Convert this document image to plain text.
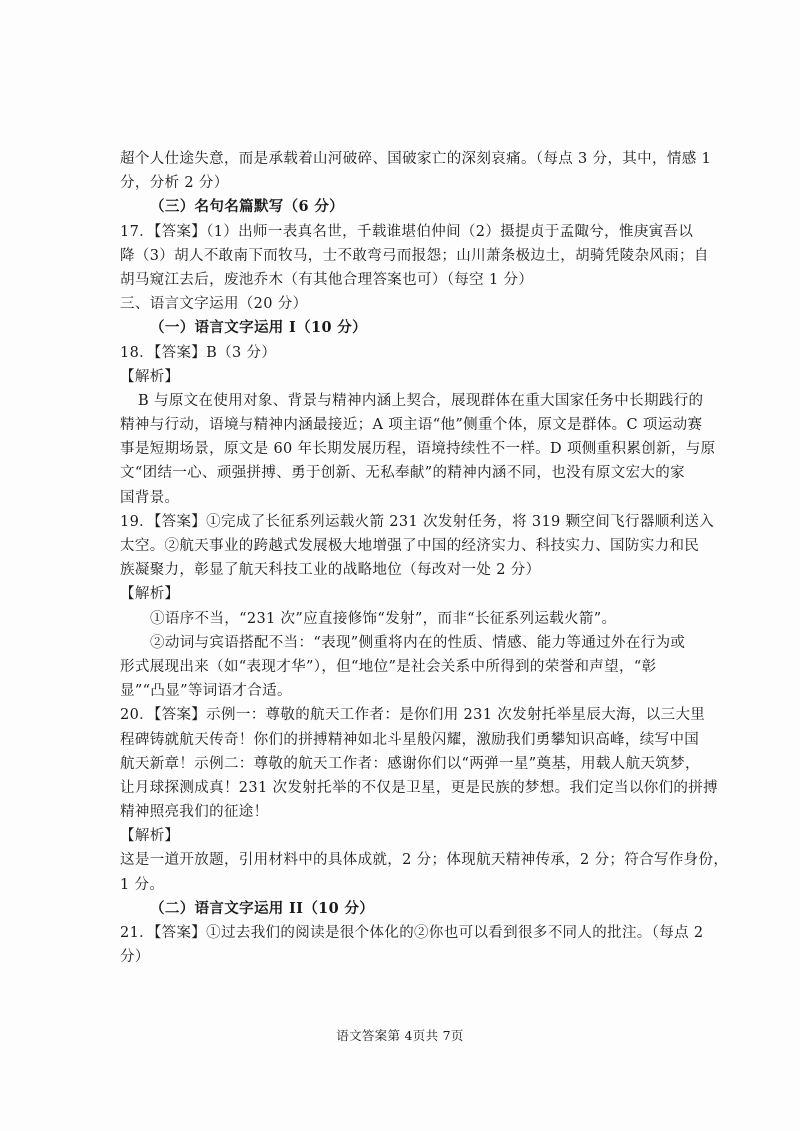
超个人仕途失意，而是承载着山河破碎、国破家亡的深刻哀痛。（每点 3 分，其中，情感 1
分，分析 2 分）
（三）名句名篇默写（6 分）
17．【答案】（1）出师一表真名世，千载谁堪伯仲间（2）摄提贞于孟陬兮，惟庚寅吾以
降（3）胡人不敢南下而牧马，士不敢弯弓而报怨；山川萧条极边土，胡骑凭陵杂风雨；自
胡马窥江去后，废池乔木（有其他合理答案也可）（每空 1 分）
三、语言文字运用（20 分）
（一）语言文字运用 I（10 分）
18．【答案】B（3 分）
【解析】
B 与原文在使用对象、背景与精神内涵上契合，展现群体在重大国家任务中长期践行的
精神与行动，语境与精神内涵最接近；A 项主语“他”侧重个体，原文是群体。C 项运动赛
事是短期场景，原文是 60 年长期发展历程，语境持续性不一样。D 项侧重积累创新，与原
文“团结一心、顽强拼搏、勇于创新、无私奉献”的精神内涵不同，也没有原文宏大的家
国背景。
19．【答案】①完成了长征系列运载火箭 231 次发射任务，将 319 颗空间飞行器顺利送入
太空。②航天事业的跨越式发展极大地增强了中国的经济实力、科技实力、国防实力和民
族凝聚力，彰显了航天科技工业的战略地位（每改对一处 2 分）
【解析】
①语序不当，“231 次”应直接修饰“发射”，而非“长征系列运载火箭”。
②动词与宾语搭配不当：“表现”侧重将内在的性质、情感、能力等通过外在行为或
形式展现出来（如“表现才华”），但“地位”是社会关系中所得到的荣誉和声望，“彰
显”“凸显”等词语才合适。
20．【答案】示例一：尊敬的航天工作者：是你们用 231 次发射托举星辰大海，以三大里
程碑铸就航天传奇！你们的拼搏精神如北斗星般闪耀，激励我们勇攀知识高峰，续写中国
航天新章！示例二：尊敬的航天工作者：感谢你们以“两弹一星”奠基，用载人航天筑梦，
让月球探测成真！231 次发射托举的不仅是卫星，更是民族的梦想。我们定当以你们的拼搏
精神照亮我们的征途！
【解析】
这是一道开放题，引用材料中的具体成就，2 分；体现航天精神传承，2 分；符合写作身份，
1 分。
（二）语言文字运用 II（10 分）
21．【答案】①过去我们的阅读是很个体化的②你也可以看到很多不同人的批注。（每点 2
分）
语文答案第 4页共 7页
